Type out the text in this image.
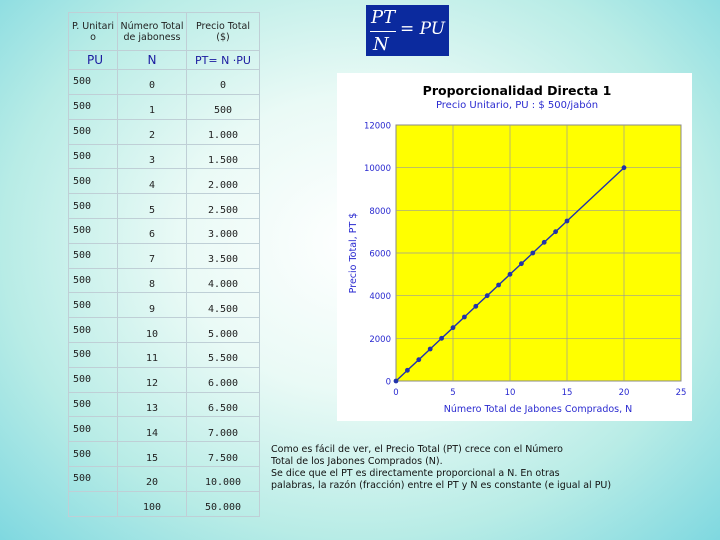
P. Unitari o	Número Total de jaboness	Precio Total ($)
PU	N	PT= N ·PU
500	0	0
500	1	500
500	2	1.000
500	3	1.500
500	4	2.000
500	5	2.500
500	6	3.000
500	7	3.500
500	8	4.000
500	9	4.500
500	10	5.000
500	11	5.500
500	12	6.000
500	13	6.500
500	14	7.000
500	15	7.500
500	20	10.000
	100	50.000
PT
N
= PU
Proporcionalidad Directa 1
Precio Unitario, PU : $ 500/jabón
0
2000
4000
6000
8000
10000
12000
0	5	10	15	20	25
Número Total de Jabones Comprados, N
Precio Total, PT $
Como es fácil de ver, el Precio Total (PT) crece con el Número
Total de los Jabones Comprados (N).
Se dice que el PT es directamente proporcional a N. En otras
palabras, la razón (fracción) entre el PT y N es constante (e igual al PU)
